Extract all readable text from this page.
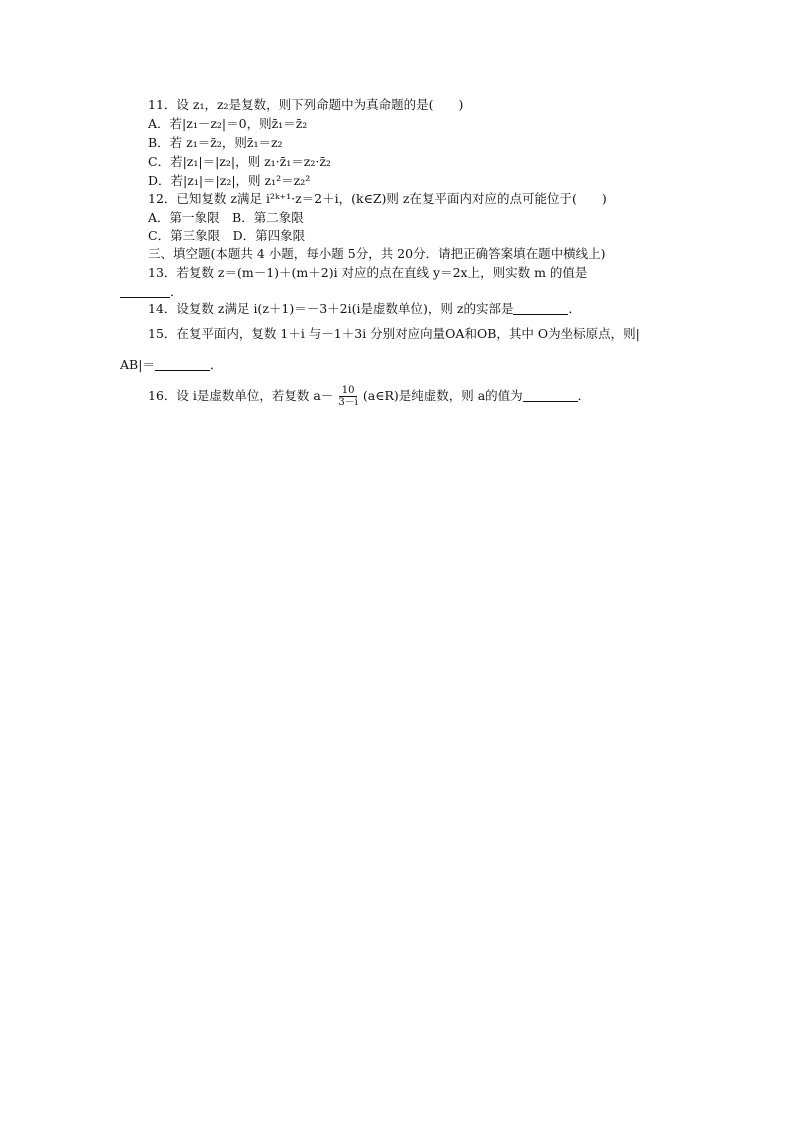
11．设 z₁，z₂是复数，则下列命题中为真命题的是(　　)
A．若|z₁－z₂|＝0，则z̄₁＝z̄₂
B．若 z₁＝z̄₂，则z̄₁＝z₂
C．若|z₁|＝|z₂|，则 z₁·z̄₁＝z₂·z̄₂
D．若|z₁|＝|z₂|，则 z₁²＝z₂²
12．已知复数 z满足 i²ᵏ⁺¹·z＝2＋i，(k∈Z)则 z在复平面内对应的点可能位于(　　)
A．第一象限　B．第二象限
C．第三象限　D．第四象限
三、填空题(本题共 4 小题，每小题 5分，共 20分．请把正确答案填在题中横线上)
13．若复数 z＝(m－1)＋(m＋2)i 对应的点在直线 y＝2x上，则实数 m 的值是
．
14．设复数 z满足 i(z＋1)＝－3＋2i(i是虚数单位)，则 z的实部是	．
15．在复平面内，复数 1＋i 与－1＋3i 分别对应向量OA和OB，其中 O为坐标原点，则|
AB|＝	．
16．设 i是虚数单位，若复数 $a- \frac{10}{3-i}$ (a∈R)是纯虚数，则 a的值为	．
